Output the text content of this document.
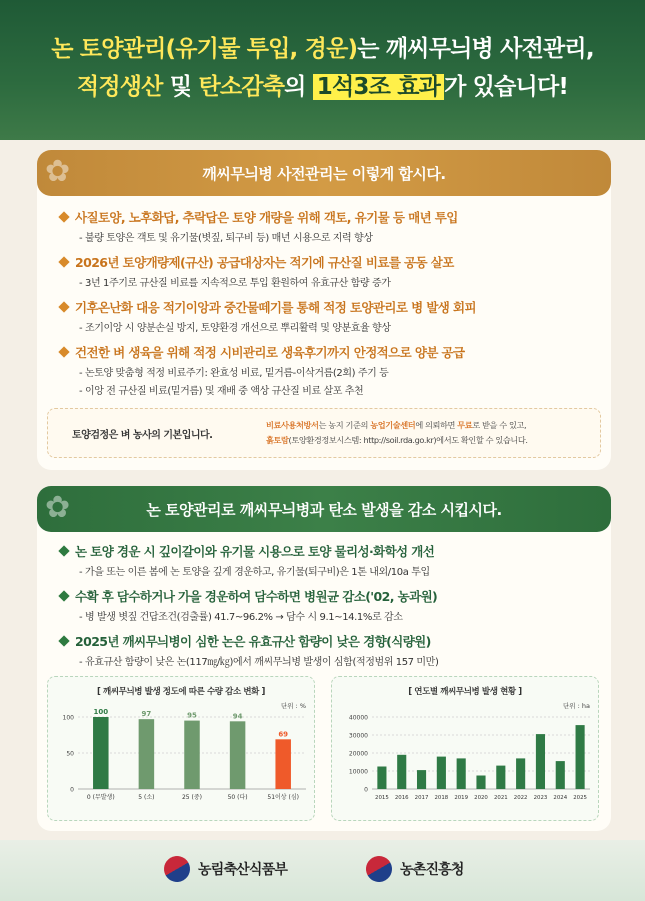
논 토양관리(유기물 투입, 경운)는 깨씨무늬병 사전관리,
적정생산 및 탄소감축의 1석3조 효과 가 있습니다!
✿	깨씨무늬병 사전관리는 이렇게 합시다.
사질토양, 노후화답, 추락답은 토양 개량을 위해 객토, 유기물 등 매년 투입
- 불량 토양은 객토 및 유기물(볏짚, 퇴구비 등) 매년 시용으로 지력 향상
2026년 토양개량제(규산) 공급대상자는 적기에 규산질 비료를 공동 살포
- 3년 1주기로 규산질 비료를 지속적으로 투입 환원하여 유효규산 함량 증가
기후온난화 대응 적기이앙과 중간물떼기를 통해 적정 토양관리로 병 발생 회피
- 조기이앙 시 양분손실 방지, 토양환경 개선으로 뿌리활력 및 양분효율 향상
건전한 벼 생육을 위해 적정 시비관리로 생육후기까지 안정적으로 양분 공급
- 논토양 맞춤형 적정 비료주기: 완효성 비료, 밑거름-이삭거름(2회) 주기 등
- 이앙 전 규산질 비료(밑거름) 및 재배 중 액상 규산질 비료 살포 추천
토양검정은 벼 농사의 기본입니다.
비료사용처방서는 농지 기준의 농업기술센터에 의뢰하면 무료로 받을 수 있고,
흙토람(토양환경정보시스템: http://soil.rda.go.kr)에서도 확인할 수 있습니다.
✿	논 토양관리로 깨씨무늬병과 탄소 발생을 감소 시킵시다.
논 토양 경운 시 깊이갈이와 유기물 시용으로 토양 물리성·화학성 개선
- 가을 또는 이른 봄에 논 토양을 깊게 경운하고, 유기물(퇴구비)은 1톤 내외/10a 투입
수확 후 담수하거나 가을 경운하여 담수하면 병원균 감소('02, 농과원)
- 병 발생 볏짚 건답조건(검출률) 41.7~96.2% → 담수 시 9.1~14.1%로 감소
2025년 깨씨무늬병이 심한 논은 유효규산 함량이 낮은 경향(식량원)
- 유효규산 함량이 낮은 논(117㎎/㎏)에서 깨씨무늬병 발생이 심함(적정범위 157 미만)
[ 깨씨무늬병 발생 정도에 따른 수량 감소 변화 ]
단위 : %
0
50
100
100
0 (무발생)
97
5 (소)
95
25 (중)
94
50 (다)
69
51이상 (심)
[ 연도별 깨씨무늬병 발생 현황 ]
단위 : ha
0
10000
20000
30000
40000
2015 2016 2017 2018 2019 2020 2021 2022 2023 2024 2025
농림축산식품부	농촌진흥청
